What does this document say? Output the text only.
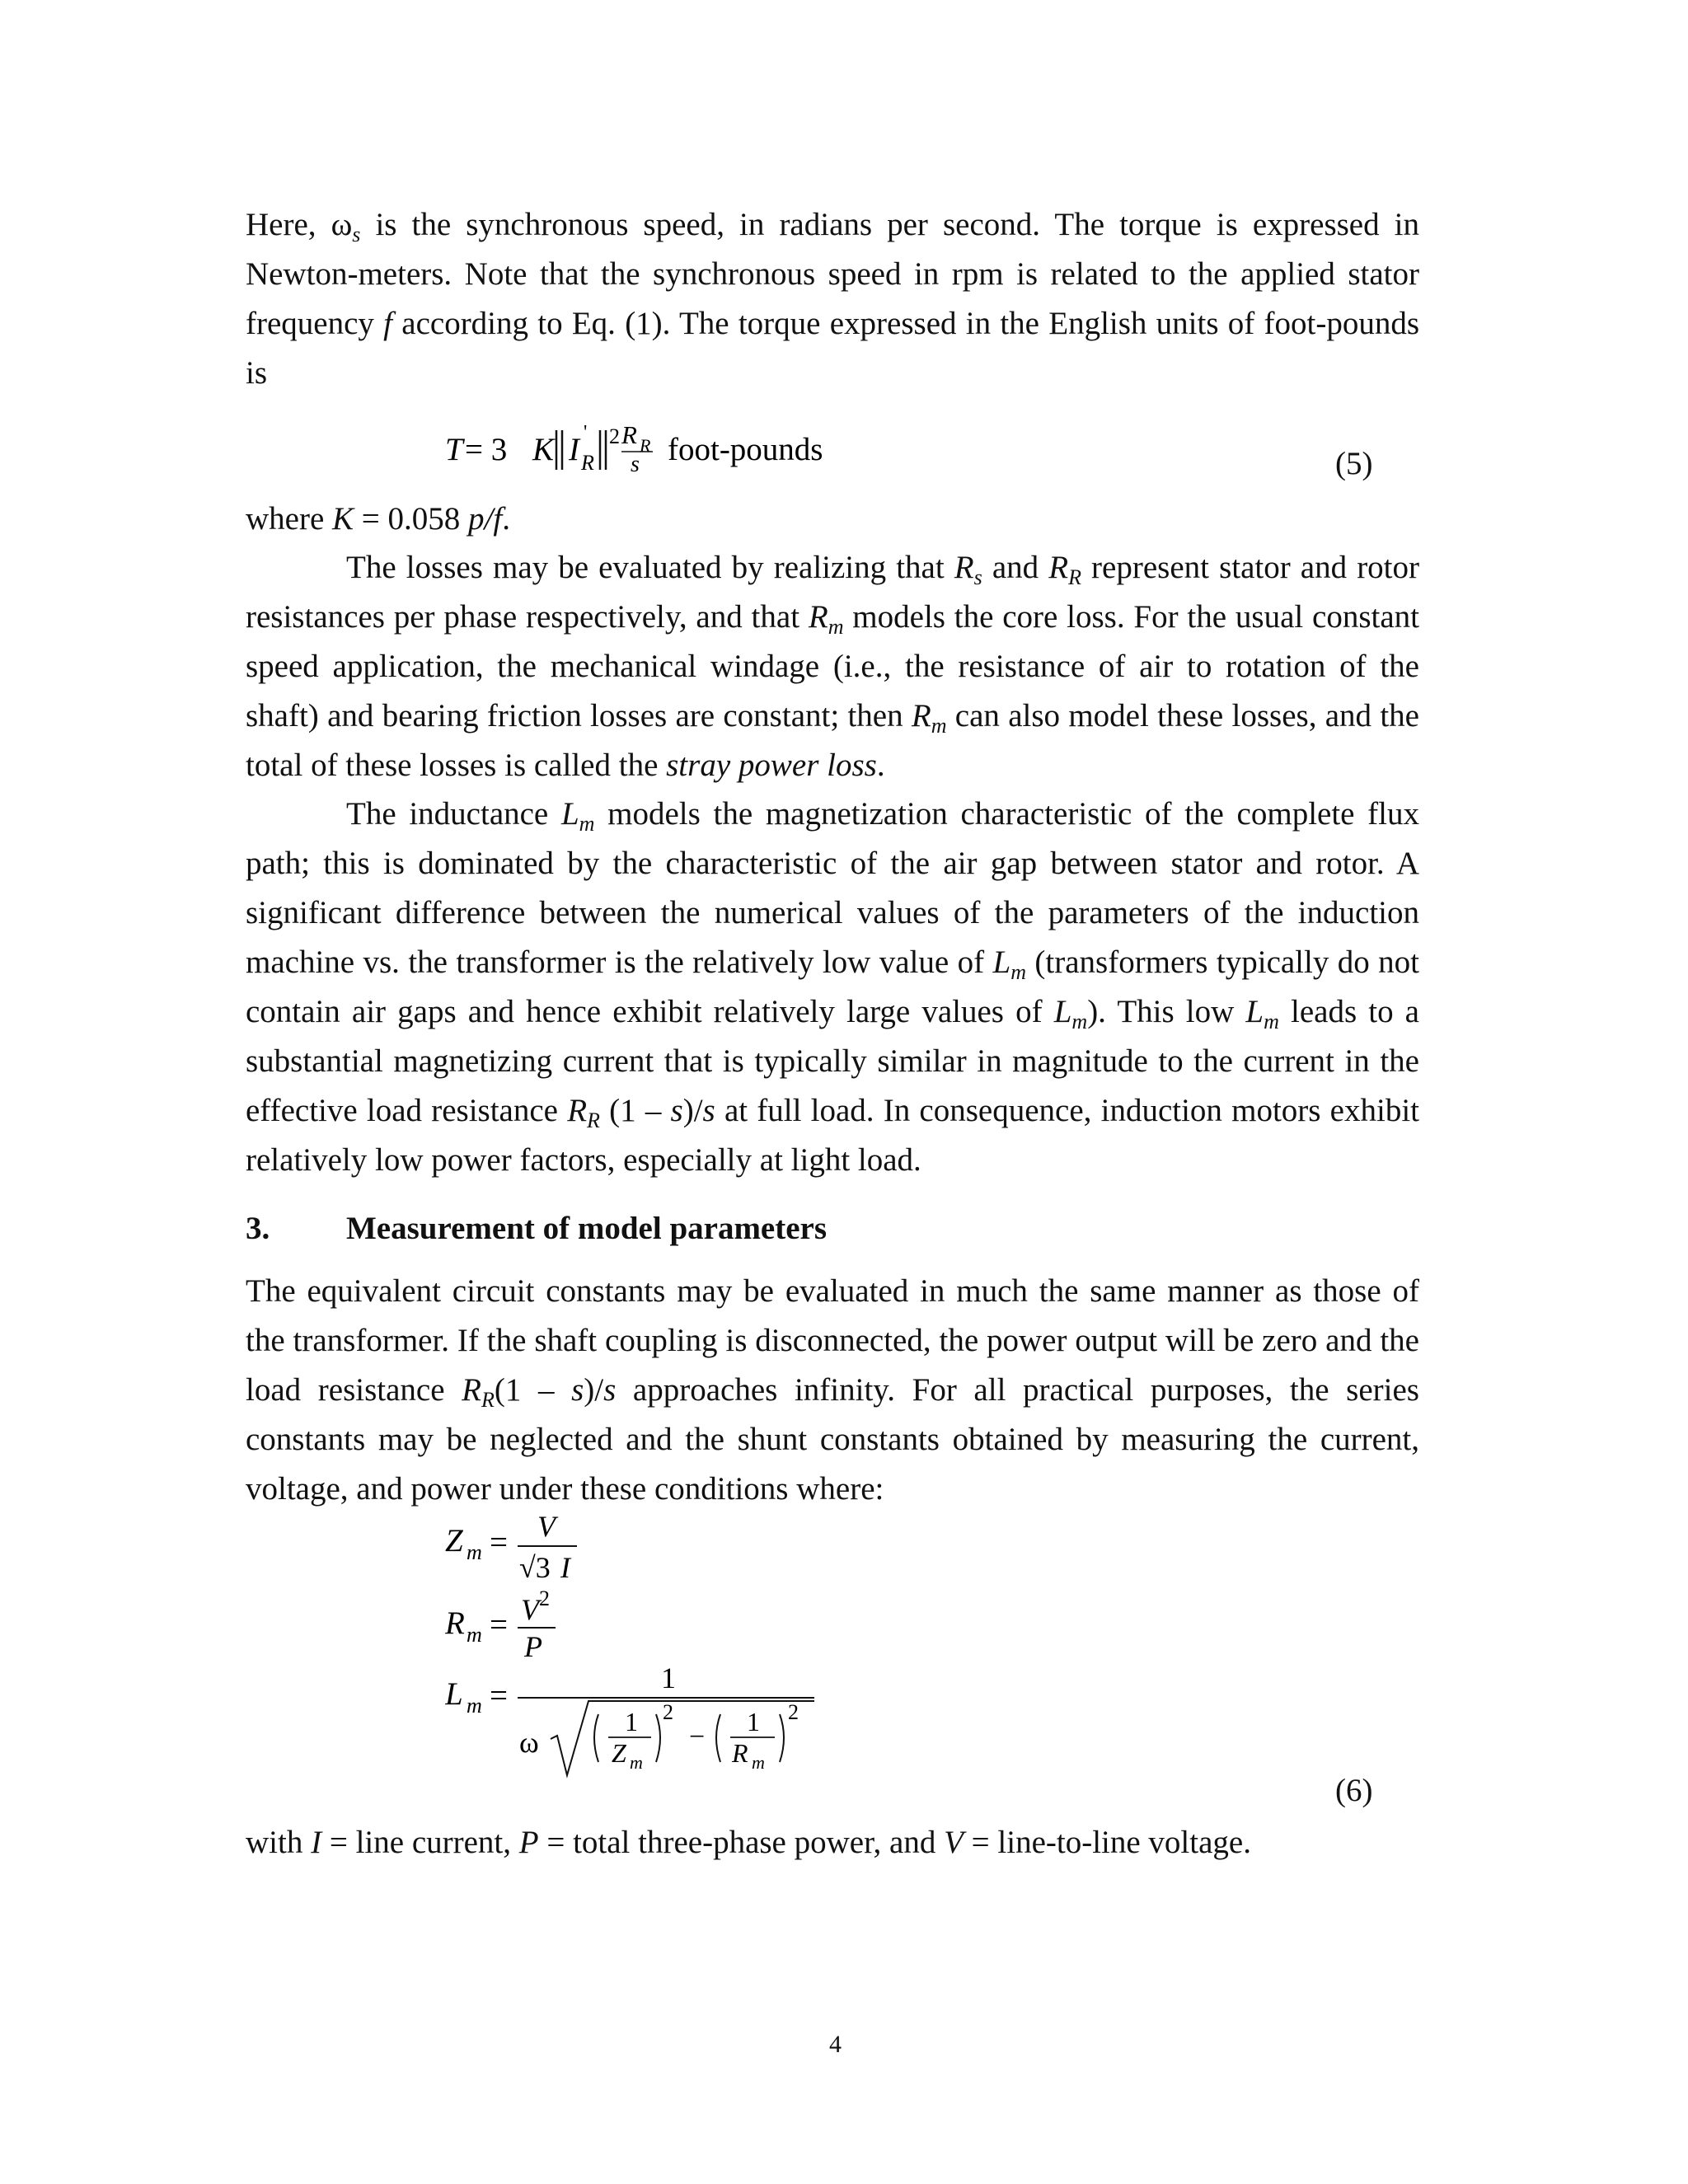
Here, $\omega_s$ is the synchronous speed, in radians per second. The torque is expressed in Newton-meters. Note that the synchronous speed in rpm is related to the applied stator frequency f according to Eq. (1). The torque expressed in the English units of foot-pounds is

T = 3 K I '
R
2 R R
s foot-pounds	(5)

where K = 0.058 p/f.

The losses may be evaluated by realizing that $R_s$ and $R_R$ represent stator and rotor resistances per phase respectively, and that $R_m$ models the core loss. For the usual constant speed application, the mechanical windage (i.e., the resistance of air to rotation of the shaft) and bearing friction losses are constant; then $R_m$ can also model these losses, and the total of these losses is called the stray power loss.

The inductance $L_m$ models the magnetization characteristic of the complete flux path; this is dominated by the characteristic of the air gap between stator and rotor. A significant difference between the numerical values of the parameters of the induction machine vs. the transformer is the relatively low value of $L_m$ (transformers typically do not contain air gaps and hence exhibit relatively large values of $L_m$). This low $L_m$ leads to a substantial magnetizing current that is typically similar in magnitude to the current in the effective load resistance $R_R$ (1 – s)/s at full load. In consequence, induction motors exhibit relatively low power factors, especially at light load.

3. Measurement of model parameters

The equivalent circuit constants may be evaluated in much the same manner as those of the transformer. If the shaft coupling is disconnected, the power output will be zero and the load resistance $R_R(1 - s)/s$ approaches infinity. For all practical purposes, the series constants may be neglected and the shunt constants obtained by measuring the current, voltage, and power under these conditions where:

Z m = V
√3 I
R m = V 2
P
L m =	1
ω
1
Z m
2
− 1
R m
2
(6)

with I = line current, P = total three-phase power, and V = line-to-line voltage.

4
